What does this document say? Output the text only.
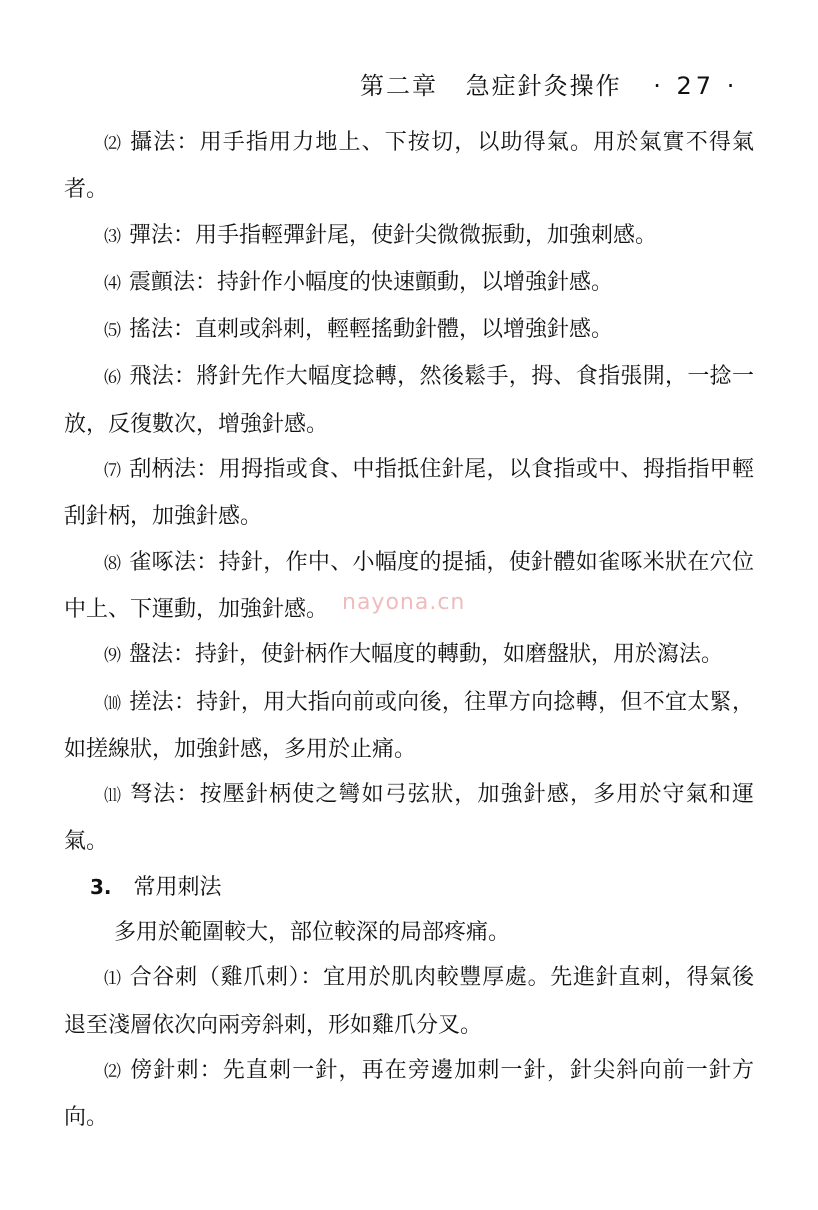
第二章 急症針灸操作 · 27 ·

⑵ 攝法：用手指用力地上、下按切，以助得氣。用於氣實不得氣者。

⑶ 彈法：用手指輕彈針尾，使針尖微微振動，加強刺感。

⑷ 震顫法：持針作小幅度的快速顫動，以增強針感。

⑸ 搖法：直刺或斜刺，輕輕搖動針體，以增強針感。

⑹ 飛法：將針先作大幅度捻轉，然後鬆手，拇、食指張開，一捻一放，反復數次，增強針感。

⑺ 刮柄法：用拇指或食、中指抵住針尾，以食指或中、拇指指甲輕刮針柄，加強針感。

⑻ 雀啄法：持針，作中、小幅度的提插，使針體如雀啄米狀在穴位中上、下運動，加強針感。

⑼ 盤法：持針，使針柄作大幅度的轉動，如磨盤狀，用於瀉法。

⑽ 搓法：持針，用大指向前或向後，往單方向捻轉，但不宜太緊，如搓線狀，加強針感，多用於止痛。

⑾ 弩法：按壓針柄使之彎如弓弦狀，加強針感，多用於守氣和運氣。

3. 常用刺法

多用於範圍較大，部位較深的局部疼痛。

⑴ 合谷刺（雞爪刺）：宜用於肌肉較豐厚處。先進針直刺，得氣後退至淺層依次向兩旁斜刺，形如雞爪分叉。

⑵ 傍針刺：先直刺一針，再在旁邊加刺一針，針尖斜向前一針方向。

nayona.cn
